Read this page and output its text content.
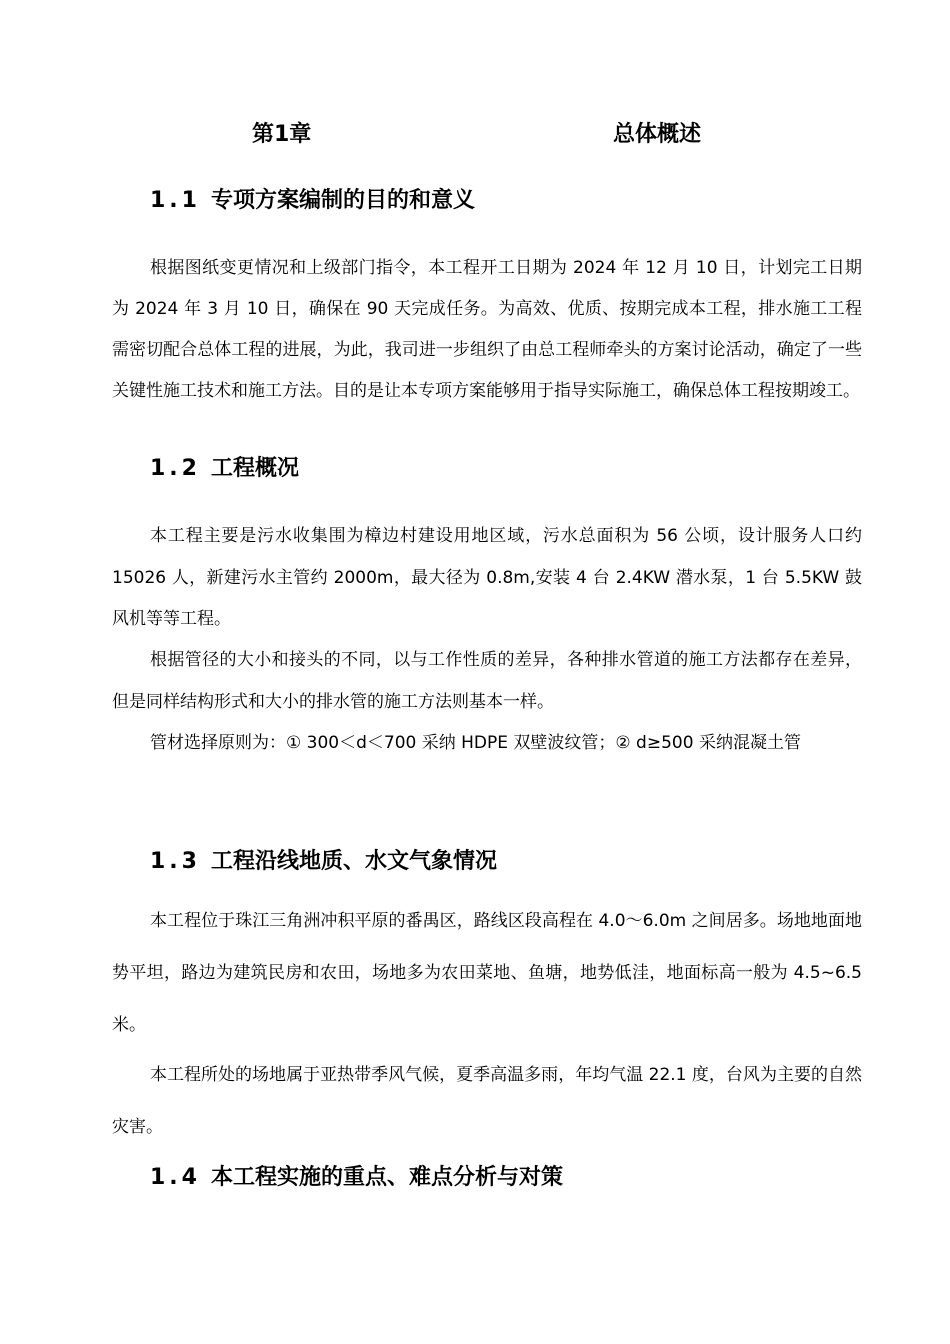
第1章	总体概述
1.1 专项方案编制的目的和意义

根据图纸变更情况和上级部门指令，本工程开工日期为 2024 年 12 月 10 日，计划完工日期为 2024 年 3 月 10 日，确保在 90 天完成任务。为高效、优质、按期完成本工程，排水施工工程需密切配合总体工程的进展，为此，我司进一步组织了由总工程师牵头的方案讨论活动，确定了一些关键性施工技术和施工方法。目的是让本专项方案能够用于指导实际施工，确保总体工程按期竣工。

1.2 工程概况

本工程主要是污水收集围为樟边村建设用地区域，污水总面积为 56 公顷，设计服务人口约 15026 人，新建污水主管约 2000m，最大径为 0.8m,安装 4 台 2.4KW 潜水泵，1 台 5.5KW 鼓风机等等工程。

根据管径的大小和接头的不同，以与工作性质的差异，各种排水管道的施工方法都存在差异，但是同样结构形式和大小的排水管的施工方法则基本一样。

管材选择原则为：① 300＜d＜700 采纳 HDPE 双壁波纹管；② d≥500 采纳混凝土管

1.3 工程沿线地质、水文气象情况

本工程位于珠江三角洲冲积平原的番禺区，路线区段高程在 4.0～6.0m 之间居多。场地地面地势平坦，路边为建筑民房和农田，场地多为农田菜地、鱼塘，地势低洼，地面标高一般为 4.5~6.5 米。

本工程所处的场地属于亚热带季风气候，夏季高温多雨，年均气温 22.1 度，台风为主要的自然灾害。

1.4 本工程实施的重点、难点分析与对策
